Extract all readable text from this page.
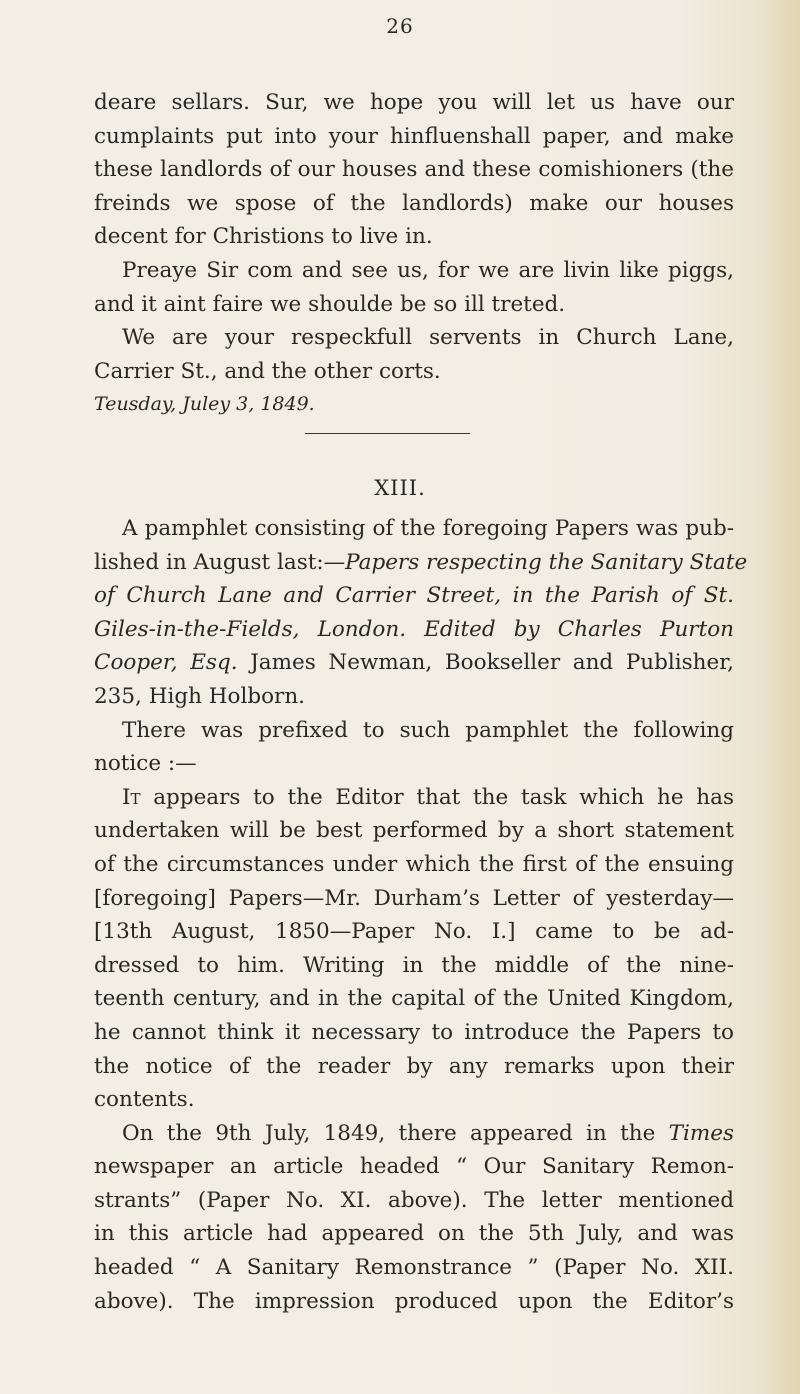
26
deare sellars. Sur, we hope you will let us have our
cumplaints put into your hinfluenshall paper, and make
these landlords of our houses and these comishioners (the
freinds we spose of the landlords) make our houses
decent for Christions to live in.
Preaye Sir com and see us, for we are livin like piggs,
and it aint faire we shoulde be so ill treted.
We are your respeckfull servents in Church Lane,
Carrier St., and the other corts.
Teusday, Juley 3, 1849.
XIII.
A pamphlet consisting of the foregoing Papers was pub-
lished in August last:—Papers respecting the Sanitary State
of Church Lane and Carrier Street, in the Parish of St.
Giles-in-the-Fields, London. Edited by Charles Purton
Cooper, Esq. James Newman, Bookseller and Publisher,
235, High Holborn.
There was prefixed to such pamphlet the following
notice :—
It appears to the Editor that the task which he has
undertaken will be best performed by a short statement
of the circumstances under which the first of the ensuing
[foregoing] Papers—Mr. Durham’s Letter of yesterday—
[13th August, 1850—Paper No. I.] came to be ad-
dressed to him. Writing in the middle of the nine-
teenth century, and in the capital of the United Kingdom,
he cannot think it necessary to introduce the Papers to
the notice of the reader by any remarks upon their
contents.
On the 9th July, 1849, there appeared in the Times
newspaper an article headed “ Our Sanitary Remon-
strants” (Paper No. XI. above). The letter mentioned
in this article had appeared on the 5th July, and was
headed “ A Sanitary Remonstrance ” (Paper No. XII.
above). The impression produced upon the Editor’s
